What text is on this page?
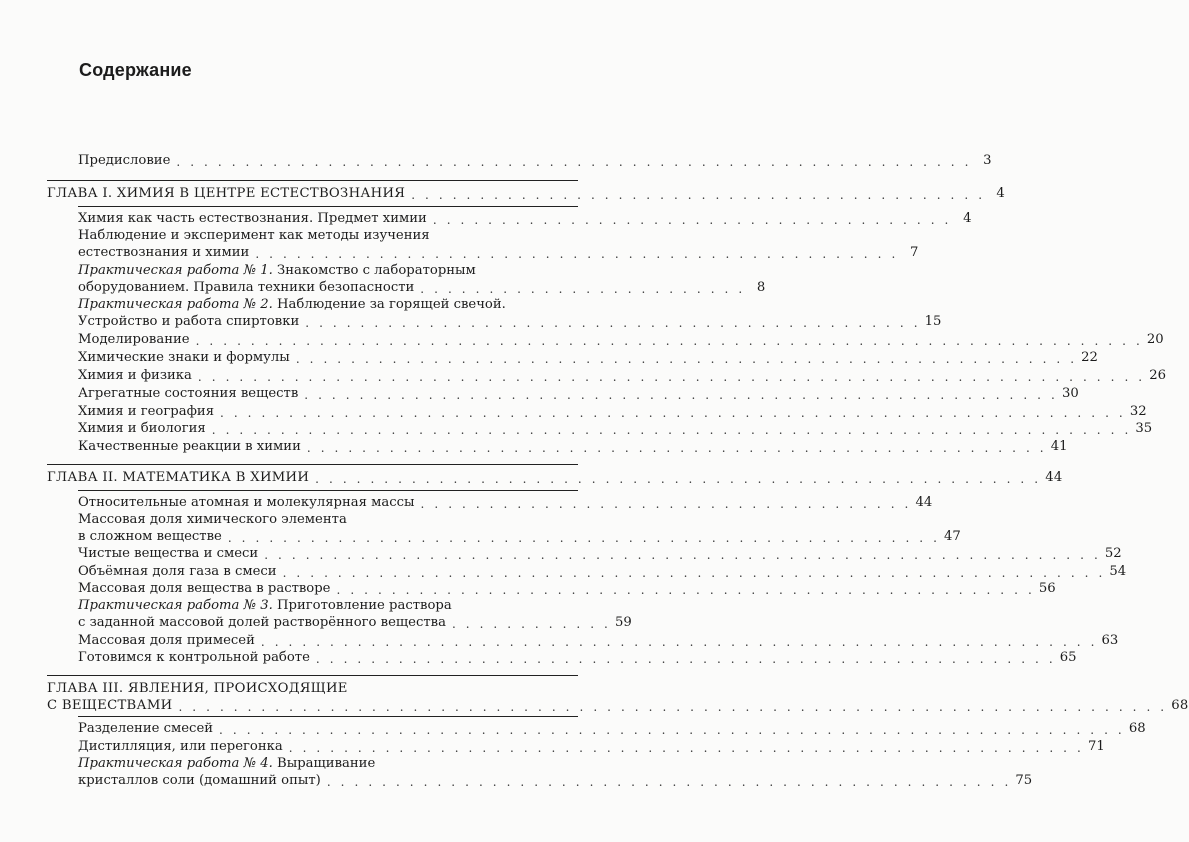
Содержание
Предисловие . . . . . . . . . . . . . . . . . . . . . . . . . . . . . . . . . . . . . . . . . . . . . . . . . . . . . . . . . . 3
ГЛАВА I. ХИМИЯ В ЦЕНТРЕ ЕСТЕСТВОЗНАНИЯ . . . . . . . . . . . . . . . . . . . . . . . . . . . . . . . . . . . . . . . . . . 4
Химия как часть естествознания. Предмет химии . . . . . . . . . . . . . . . . . . . . . . . . . . . . . . . . . . . . . . 4
Наблюдение и эксперимент как методы изучения
естествознания и химии . . . . . . . . . . . . . . . . . . . . . . . . . . . . . . . . . . . . . . . . . . . . . . . 7
Практическая работа № 1. Знакомство с лабораторным
оборудованием. Правила техники безопасности . . . . . . . . . . . . . . . . . . . . . . . . 8
Практическая работа № 2. Наблюдение за горящей свечой.
Устройство и работа спиртовки . . . . . . . . . . . . . . . . . . . . . . . . . . . . . . . . . . . . . . . . . . . . . 15
Моделирование . . . . . . . . . . . . . . . . . . . . . . . . . . . . . . . . . . . . . . . . . . . . . . . . . . . . . . . . . . . . . . . . . . . . . 20
Химические знаки и формулы . . . . . . . . . . . . . . . . . . . . . . . . . . . . . . . . . . . . . . . . . . . . . . . . . . . . . . . . . 22
Химия и физика . . . . . . . . . . . . . . . . . . . . . . . . . . . . . . . . . . . . . . . . . . . . . . . . . . . . . . . . . . . . . . . . . . . . . 26
Агрегатные состояния веществ . . . . . . . . . . . . . . . . . . . . . . . . . . . . . . . . . . . . . . . . . . . . . . . . . . . . . . . 30
Химия и география . . . . . . . . . . . . . . . . . . . . . . . . . . . . . . . . . . . . . . . . . . . . . . . . . . . . . . . . . . . . . . . . . . 32
Химия и биология . . . . . . . . . . . . . . . . . . . . . . . . . . . . . . . . . . . . . . . . . . . . . . . . . . . . . . . . . . . . . . . . . . . 35
Качественные реакции в химии . . . . . . . . . . . . . . . . . . . . . . . . . . . . . . . . . . . . . . . . . . . . . . . . . . . . . . 41
ГЛАВА II. МАТЕМАТИКА В ХИМИИ . . . . . . . . . . . . . . . . . . . . . . . . . . . . . . . . . . . . . . . . . . . . . . . . . . . . . 44
Относительные атомная и молекулярная массы . . . . . . . . . . . . . . . . . . . . . . . . . . . . . . . . . . . . 44
Массовая доля химического элемента
в сложном веществе . . . . . . . . . . . . . . . . . . . . . . . . . . . . . . . . . . . . . . . . . . . . . . . . . . . . 47
Чистые вещества и смеси . . . . . . . . . . . . . . . . . . . . . . . . . . . . . . . . . . . . . . . . . . . . . . . . . . . . . . . . . . . . . 52
Объёмная доля газа в смеси . . . . . . . . . . . . . . . . . . . . . . . . . . . . . . . . . . . . . . . . . . . . . . . . . . . . . . . . . . . . 54
Массовая доля вещества в растворе . . . . . . . . . . . . . . . . . . . . . . . . . . . . . . . . . . . . . . . . . . . . . . . . . . . 56
Практическая работа № 3. Приготовление раствора
с заданной массовой долей растворённого вещества . . . . . . . . . . . . 59
Массовая доля примесей . . . . . . . . . . . . . . . . . . . . . . . . . . . . . . . . . . . . . . . . . . . . . . . . . . . . . . . . . . . . . 63
Готовимся к контрольной работе . . . . . . . . . . . . . . . . . . . . . . . . . . . . . . . . . . . . . . . . . . . . . . . . . . . . . . 65
ГЛАВА III. ЯВЛЕНИЯ, ПРОИСХОДЯЩИЕ
С ВЕЩЕСТВАМИ . . . . . . . . . . . . . . . . . . . . . . . . . . . . . . . . . . . . . . . . . . . . . . . . . . . . . . . . . . . . . . . . . . . . . . . . 68
Разделение смесей . . . . . . . . . . . . . . . . . . . . . . . . . . . . . . . . . . . . . . . . . . . . . . . . . . . . . . . . . . . . . . . . . . 68
Дистилляция, или перегонка . . . . . . . . . . . . . . . . . . . . . . . . . . . . . . . . . . . . . . . . . . . . . . . . . . . . . . . . . . 71
Практическая работа № 4. Выращивание
кристаллов соли (домашний опыт) . . . . . . . . . . . . . . . . . . . . . . . . . . . . . . . . . . . . . . . . . . . . . . . . . . 75
